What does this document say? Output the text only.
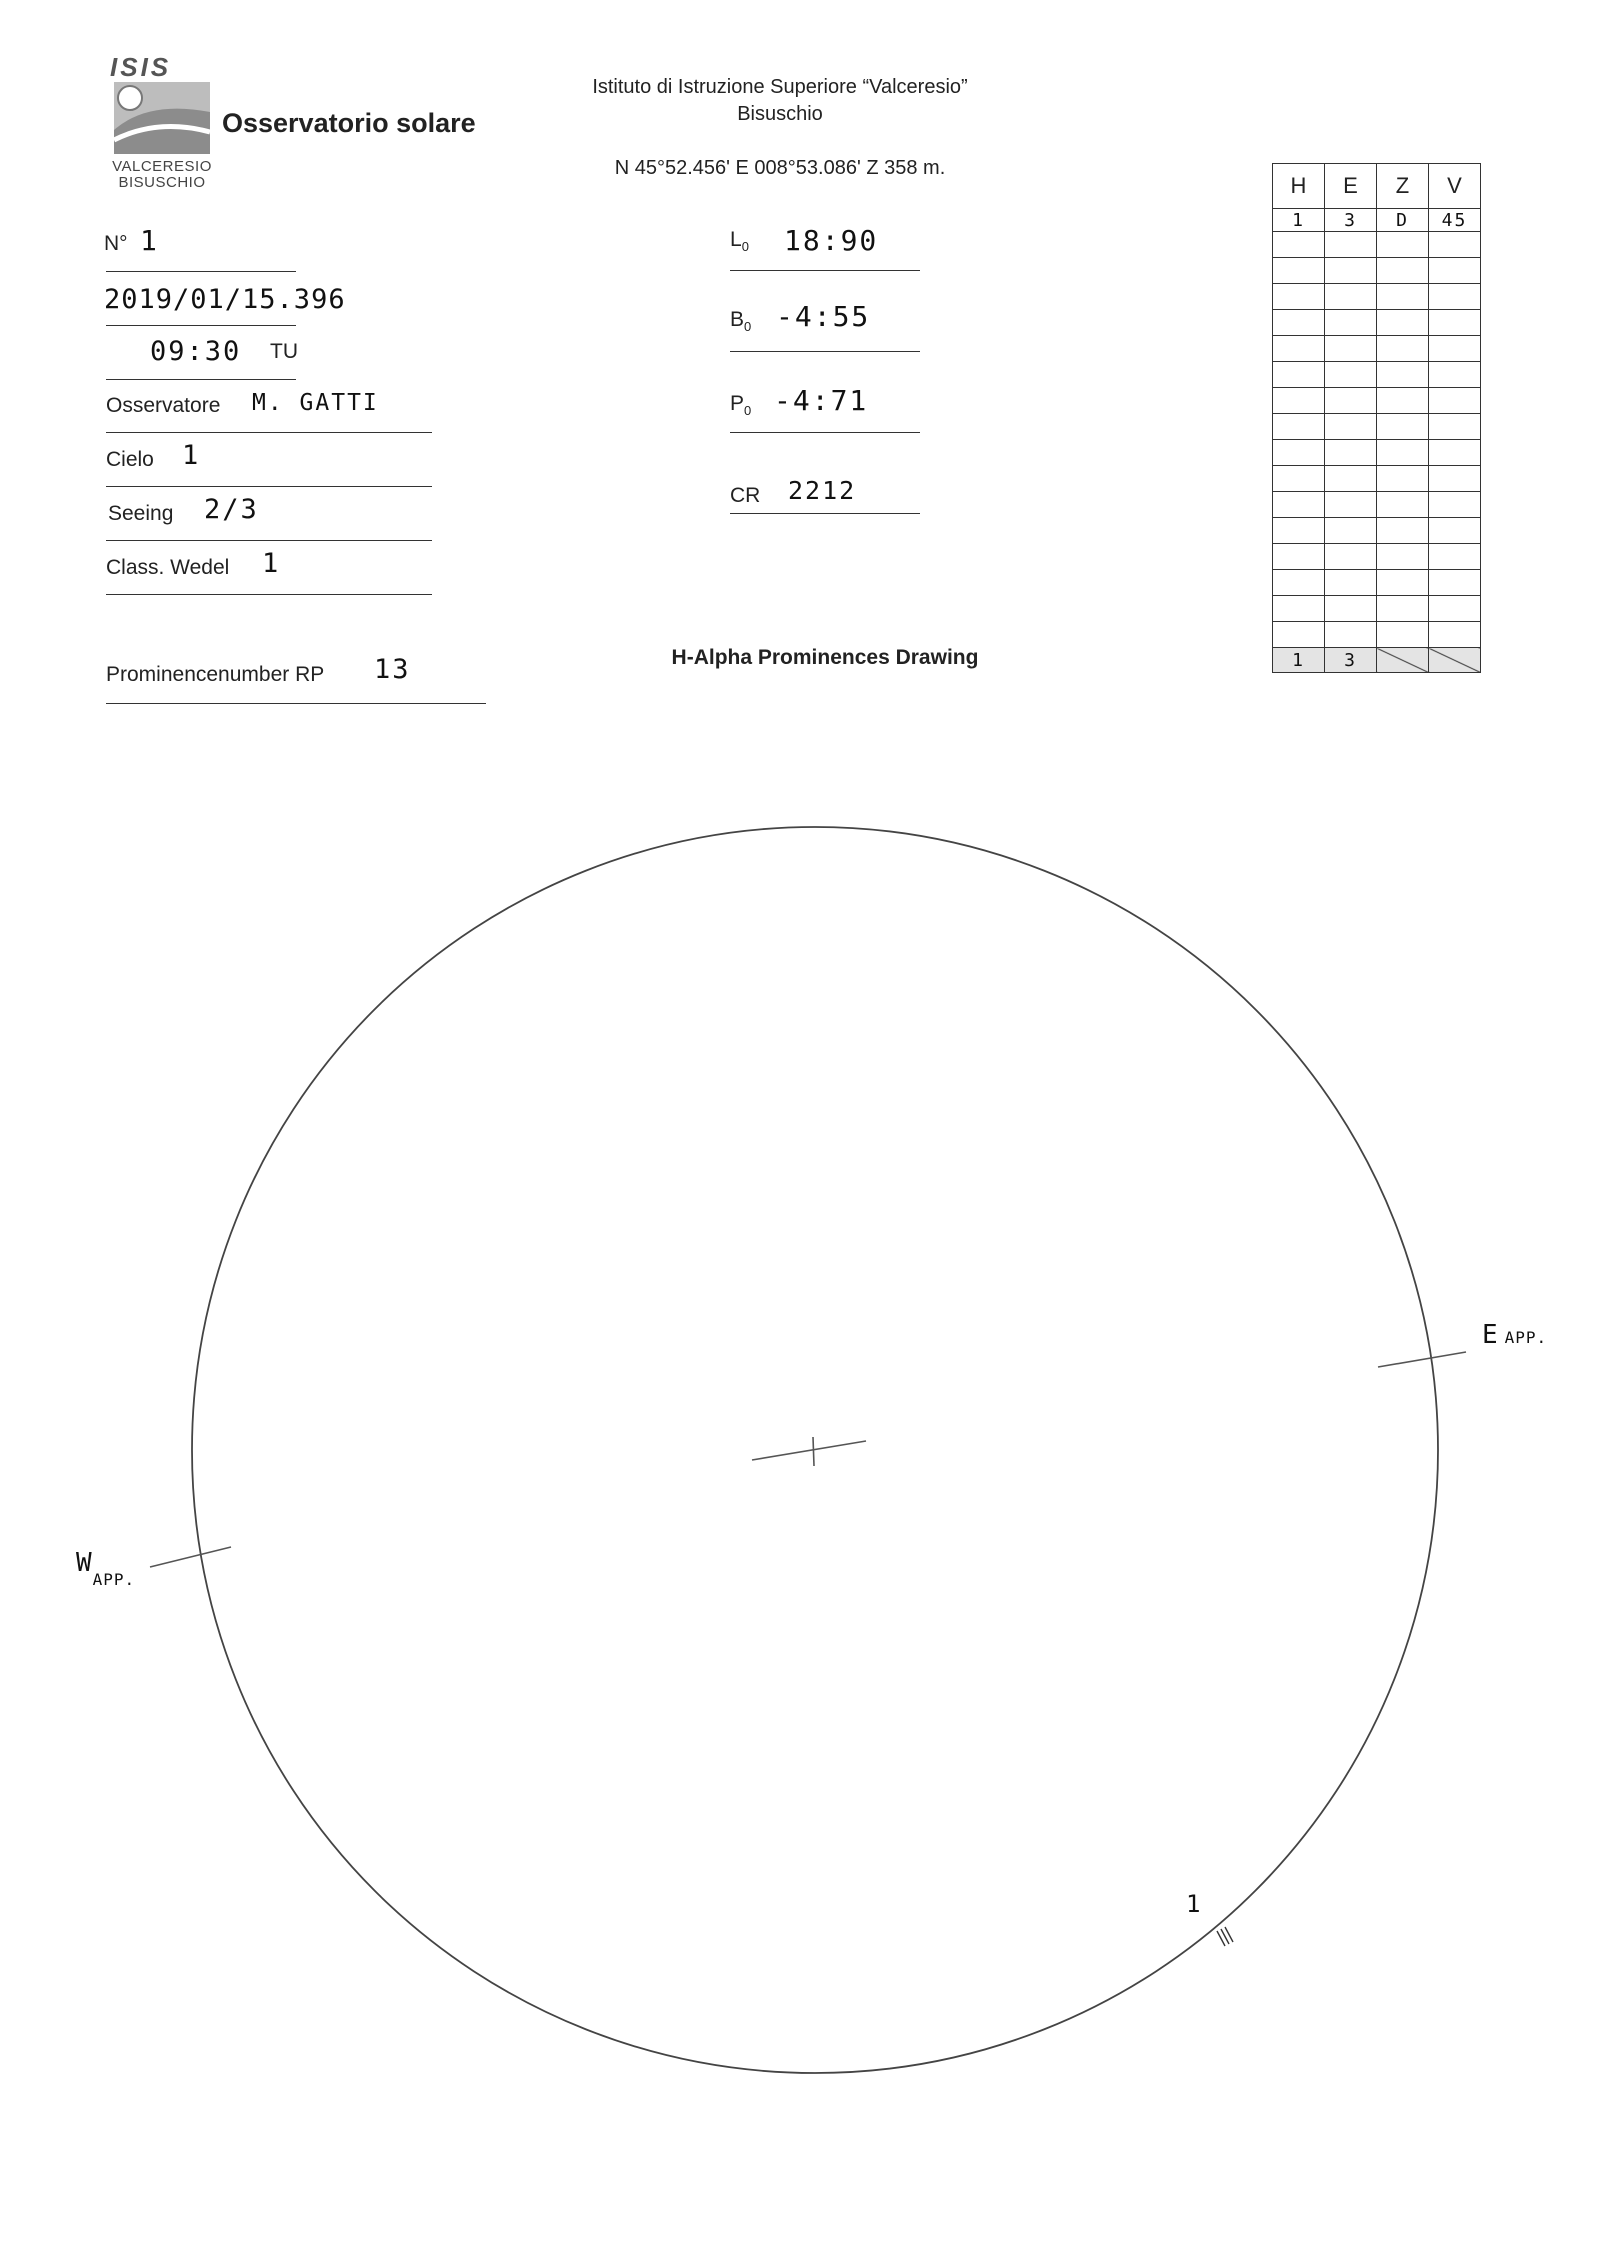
ISIS
VALCERESIO
BISUSCHIO
Osservatorio solare
Istituto di Istruzione Superiore “Valceresio”
Bisuschio
N 45°52.456' E 008°53.086' Z 358 m.
N° 1
2019/01/15.396
09:30 TU
Osservatore M. GATTI
Cielo 1
Seeing 2/3
Class. Wedel 1
Prominencenumber RP 13
$L_0$ 18:90
$B_0$ -4:55
$P_0$ -4:71
CR 2212
H	E	Z	V
1	3	D	45

1	3		
H-Alpha Prominences Drawing
EAPP.
$W_{APP.}$
1
